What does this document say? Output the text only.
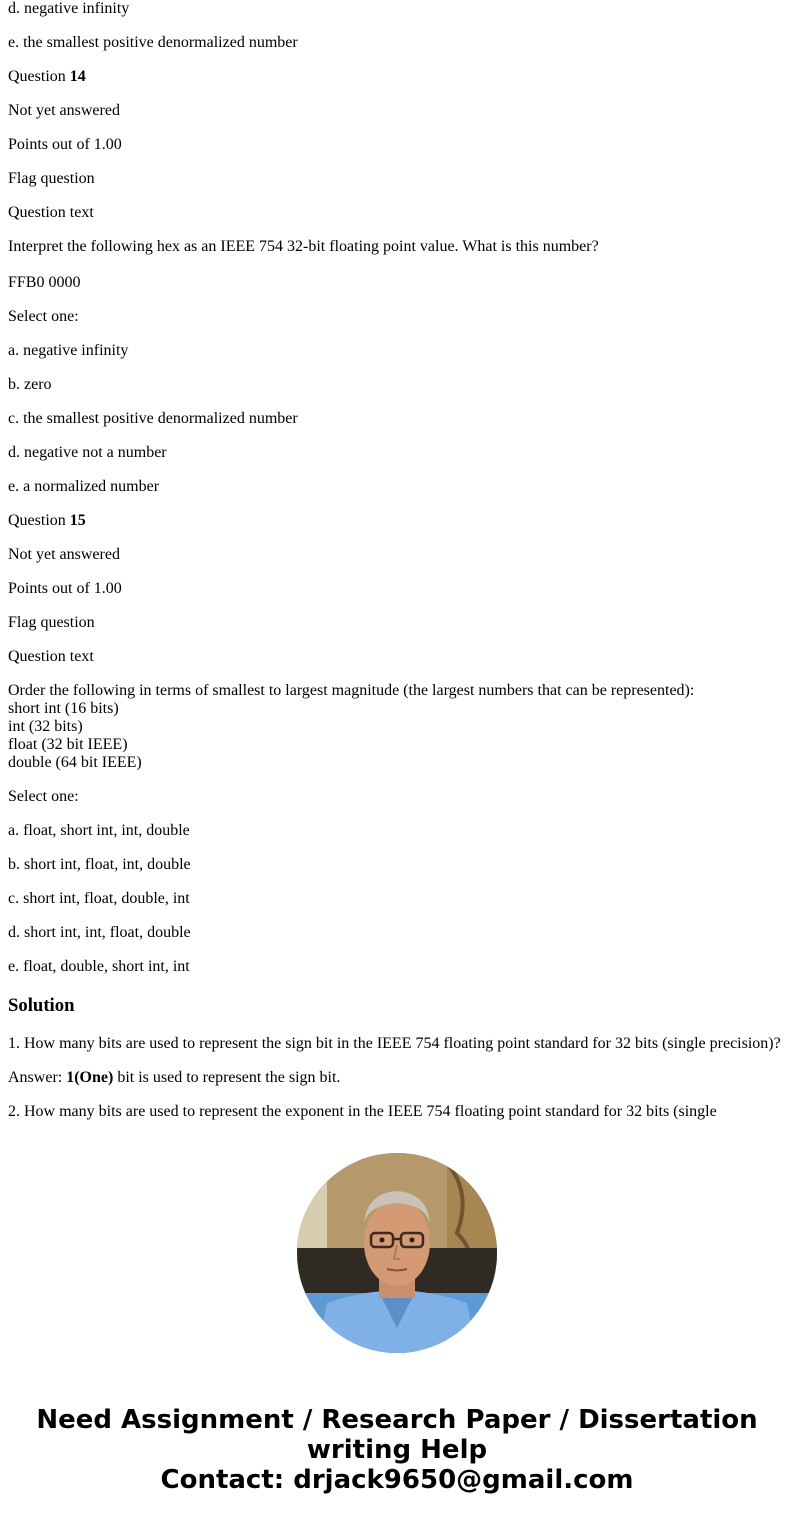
d. negative infinity
e. the smallest positive denormalized number
Question 14
Not yet answered
Points out of 1.00
Flag question
Question text
Interpret the following hex as an IEEE 754 32-bit floating point value. What is this number?
FFB0 0000
Select one:
a. negative infinity
b. zero
c. the smallest positive denormalized number
d. negative not a number
e. a normalized number
Question 15
Not yet answered
Points out of 1.00
Flag question
Question text
Order the following in terms of smallest to largest magnitude (the largest numbers that can be represented):
short int (16 bits)
int (32 bits)
float (32 bit IEEE)
double (64 bit IEEE)
Select one:
a. float, short int, int, double
b. short int, float, int, double
c. short int, float, double, int
d. short int, int, float, double
e. float, double, short int, int
Solution
1. How many bits are used to represent the sign bit in the IEEE 754 floating point standard for 32 bits (single precision)?
Answer: 1(One) bit is used to represent the sign bit.
2. How many bits are used to represent the exponent in the IEEE 754 floating point standard for 32 bits (single
Need Assignment / Research Paper / Dissertation
writing Help
Contact: drjack9650@gmail.com
